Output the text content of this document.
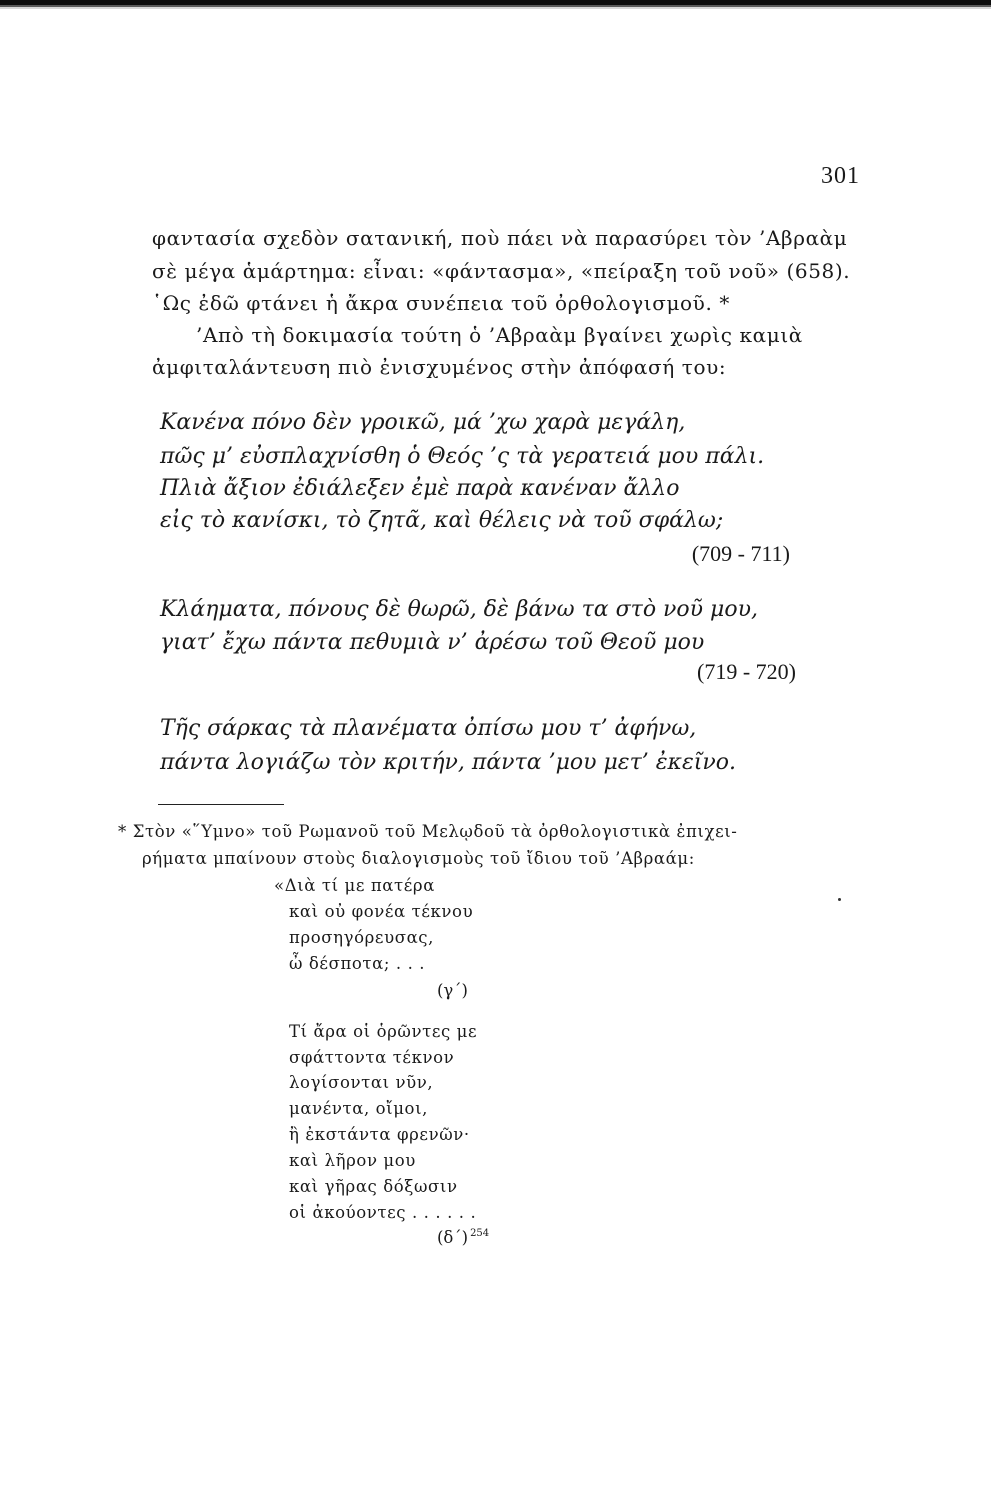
301
φαντασία σχεδὸν σατανική, ποὺ πάει νὰ παρασύρει τὸν ’Αβραὰμ
σὲ μέγα ἁμάρτημα: εἶναι: «φάντασμα», «πείραξη τοῦ νοῦ» (658).
῾Ως ἐδῶ φτάνει ἡ ἄκρα συνέπεια τοῦ ὀρθολογισμοῦ. *
’Απὸ τὴ δοκιμασία τούτη ὁ ’Αβραὰμ βγαίνει χωρὶς καμιὰ
ἀμφιταλάντευση πιὸ ἐνισχυμένος στὴν ἀπόφασή του:
Κανένα πόνο δὲν γροικῶ, μά ’χω χαρὰ μεγάλη,
πῶς μ’ εὐσπλαχνίσθη ὁ Θεός ’ς τὰ γερατειά μου πάλι.
Πλιὰ ἄξιον ἐδιάλεξεν ἐμὲ παρὰ κανέναν ἄλλο
εἰς τὸ κανίσκι, τὸ ζητᾶ, καὶ θέλεις νὰ τοῦ σφάλω;
(709 - 711)
Κλάηματα, πόνους δὲ θωρῶ, δὲ βάνω τα στὸ νοῦ μου,
γιατ’ ἔχω πάντα πεθυμιὰ ν’ ἀρέσω τοῦ Θεοῦ μου
(719 - 720)
Τῆς σάρκας τὰ πλανέματα ὀπίσω μου τ’ ἀφήνω,
πάντα λογιάζω τὸν κριτήν, πάντα ’μου μετ’ ἐκεῖνο.
* Στὸν «῞Υμνο» τοῦ Ρωμανοῦ τοῦ Μελῳδοῦ τὰ ὀρθολογιστικὰ ἐπιχει-
ρήματα μπαίνουν στοὺς διαλογισμοὺς τοῦ ἴδιου τοῦ ’Αβραάμ:
«Διὰ τί με πατέρα
καὶ οὐ φονέα τέκνου
προσηγόρευσας,
ὦ δέσποτα; . . .
(γ΄)
Τί ἄρα οἱ ὁρῶντες με
σφάττοντα τέκνον
λογίσονται νῦν,
μανέντα, οἴμοι,
ἢ ἐκστάντα φρενῶν·
καὶ λῆρον μου
καὶ γῆρας δόξωσιν
οἱ ἀκούοντες . . . . . .
(δ΄) $^{254}$
